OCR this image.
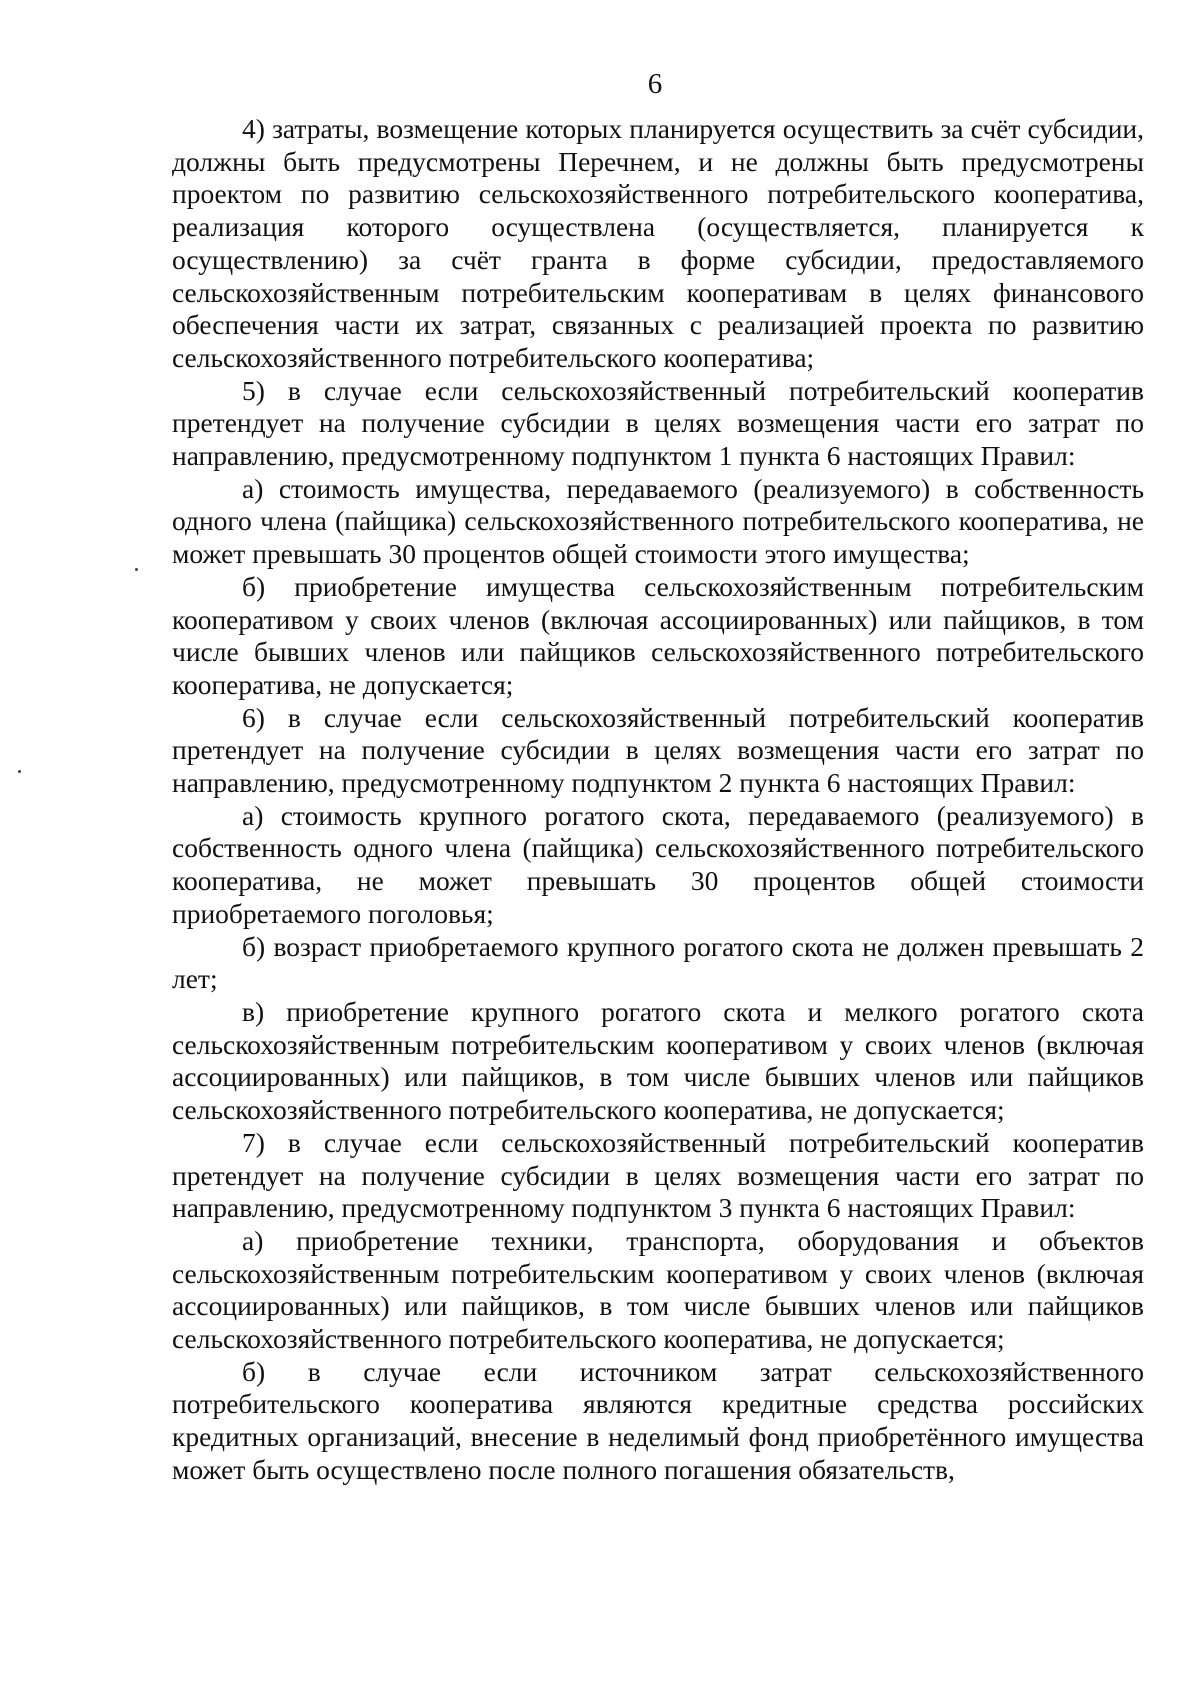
6

4) затраты, возмещение которых планируется осуществить за счёт субсидии, должны быть предусмотрены Перечнем, и не должны быть предусмотрены проектом по развитию сельскохозяйственного потребительского кооператива, реализация которого осуществлена (осуществляется, планируется к осуществлению) за счёт гранта в форме субсидии, предоставляемого сельскохозяйственным потребительским кооперативам в целях финансового обеспечения части их затрат, связанных с реализацией проекта по развитию сельскохозяйственного потребительского кооператива;

5) в случае если сельскохозяйственный потребительский кооператив претендует на получение субсидии в целях возмещения части его затрат по направлению, предусмотренному подпунктом 1 пункта 6 настоящих Правил:

а) стоимость имущества, передаваемого (реализуемого) в собственность одного члена (пайщика) сельскохозяйственного потребительского кооператива, не может превышать 30 процентов общей стоимости этого имущества;

б) приобретение имущества сельскохозяйственным потребительским кооперативом у своих членов (включая ассоциированных) или пайщиков, в том числе бывших членов или пайщиков сельскохозяйственного потребительского кооператива, не допускается;

6) в случае если сельскохозяйственный потребительский кооператив претендует на получение субсидии в целях возмещения части его затрат по направлению, предусмотренному подпунктом 2 пункта 6 настоящих Правил:

а) стоимость крупного рогатого скота, передаваемого (реализуемого) в собственность одного члена (пайщика) сельскохозяйственного потребительского кооператива, не может превышать 30 процентов общей стоимости приобретаемого поголовья;

б) возраст приобретаемого крупного рогатого скота не должен превышать 2 лет;

в) приобретение крупного рогатого скота и мелкого рогатого скота сельскохозяйственным потребительским кооперативом у своих членов (включая ассоциированных) или пайщиков, в том числе бывших членов или пайщиков сельскохозяйственного потребительского кооператива, не допускается;

7) в случае если сельскохозяйственный потребительский кооператив претендует на получение субсидии в целях возмещения части его затрат по направлению, предусмотренному подпунктом 3 пункта 6 настоящих Правил:

а) приобретение техники, транспорта, оборудования и объектов сельскохозяйственным потребительским кооперативом у своих членов (включая ассоциированных) или пайщиков, в том числе бывших членов или пайщиков сельскохозяйственного потребительского кооператива, не допускается;

б) в случае если источником затрат сельскохозяйственного потребительского кооператива являются кредитные средства российских кредитных организаций, внесение в неделимый фонд приобретённого имущества может быть осуществлено после полного погашения обязательств,
